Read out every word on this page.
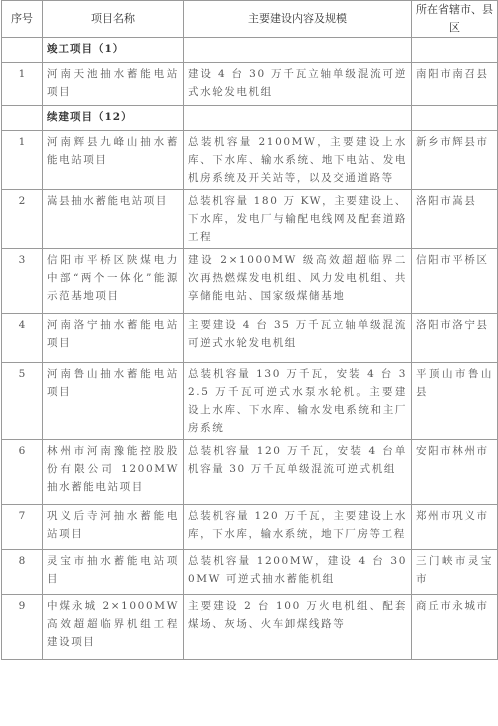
序号	项目名称	主要建设内容及规模	所在省辖市、县区
	竣工项目（1）		
1	河南天池抽水蓄能电站项目	建设 4 台 30 万千瓦立轴单级混流可逆式水轮发电机组	南阳市南召县
	续建项目（12）		
1	河南辉县九峰山抽水蓄能电站项目	总装机容量 2100MW，主要建设上水库、下水库、输水系统、地下电站、发电机房系统及开关站等，以及交通道路等	新乡市辉县市
2	嵩县抽水蓄能电站项目	总装机容量 180 万 KW，主要建设上、下水库，发电厂与输配电线网及配套道路工程	洛阳市嵩县
3	信阳市平桥区陕煤电力中部“两个一体化”能源示范基地项目	建设 2×1000MW 级高效超超临界二次再热燃煤发电机组、风力发电机组、共享储能电站、国家级煤储基地	信阳市平桥区
4	河南洛宁抽水蓄能电站项目	主要建设 4 台 35 万千瓦立轴单级混流可逆式水轮发电机组	洛阳市洛宁县
5	河南鲁山抽水蓄能电站项目	总装机容量 130 万千瓦，安装 4 台 32.5 万千瓦可逆式水泵水轮机。主要建设上水库、下水库、输水发电系统和主厂房系统	平顶山市鲁山县
6	林州市河南豫能控股股份有限公司 1200MW 抽水蓄能电站项目	总装机容量 120 万千瓦，安装 4 台单机容量 30 万千瓦单级混流可逆式机组	安阳市林州市
7	巩义后寺河抽水蓄能电站项目	总装机容量 120 万千瓦，主要建设上水库，下水库，输水系统，地下厂房等工程	郑州市巩义市
8	灵宝市抽水蓄能电站项目	总装机容量 1200MW，建设 4 台 300MW 可逆式抽水蓄能机组	三门峡市灵宝市
9	中煤永城 2×1000MW 高效超超临界机组工程建设项目	主要建设 2 台 100 万火电机组、配套煤场、灰场、火车卸煤线路等	商丘市永城市
